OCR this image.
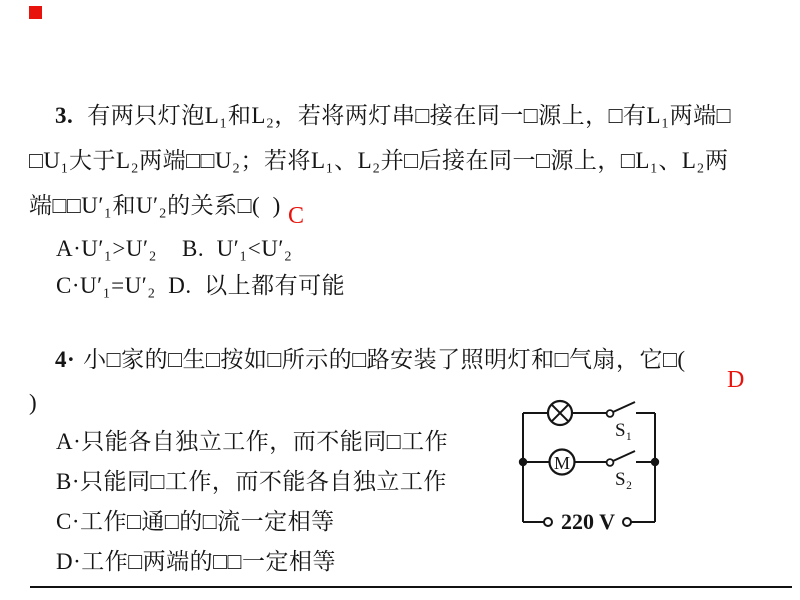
3. 有两只灯泡L₁和L₂，若将两灯串□接在同一□源上，□有L₁两端□
□U₁大于L₂两端□□U₂；若将L₁、L₂并□后接在同一□源上，□L₁、L₂两
端□□U′₁和U′₂的关系□(  ) C
A·U′₁>U′₂    B.  U′₁<U′₂
C·U′₁=U′₂  D.  以上都有可能
4· 小□家的□生□按如□所示的□路安装了照明灯和□气扇，它□(
D
)
A·只能各自独立工作，而不能同□工作
B·只能同□工作，而不能各自独立工作
C·工作□通□的□流一定相等
D·工作□两端的□□一定相等
S₁
M
S₂
220 V
